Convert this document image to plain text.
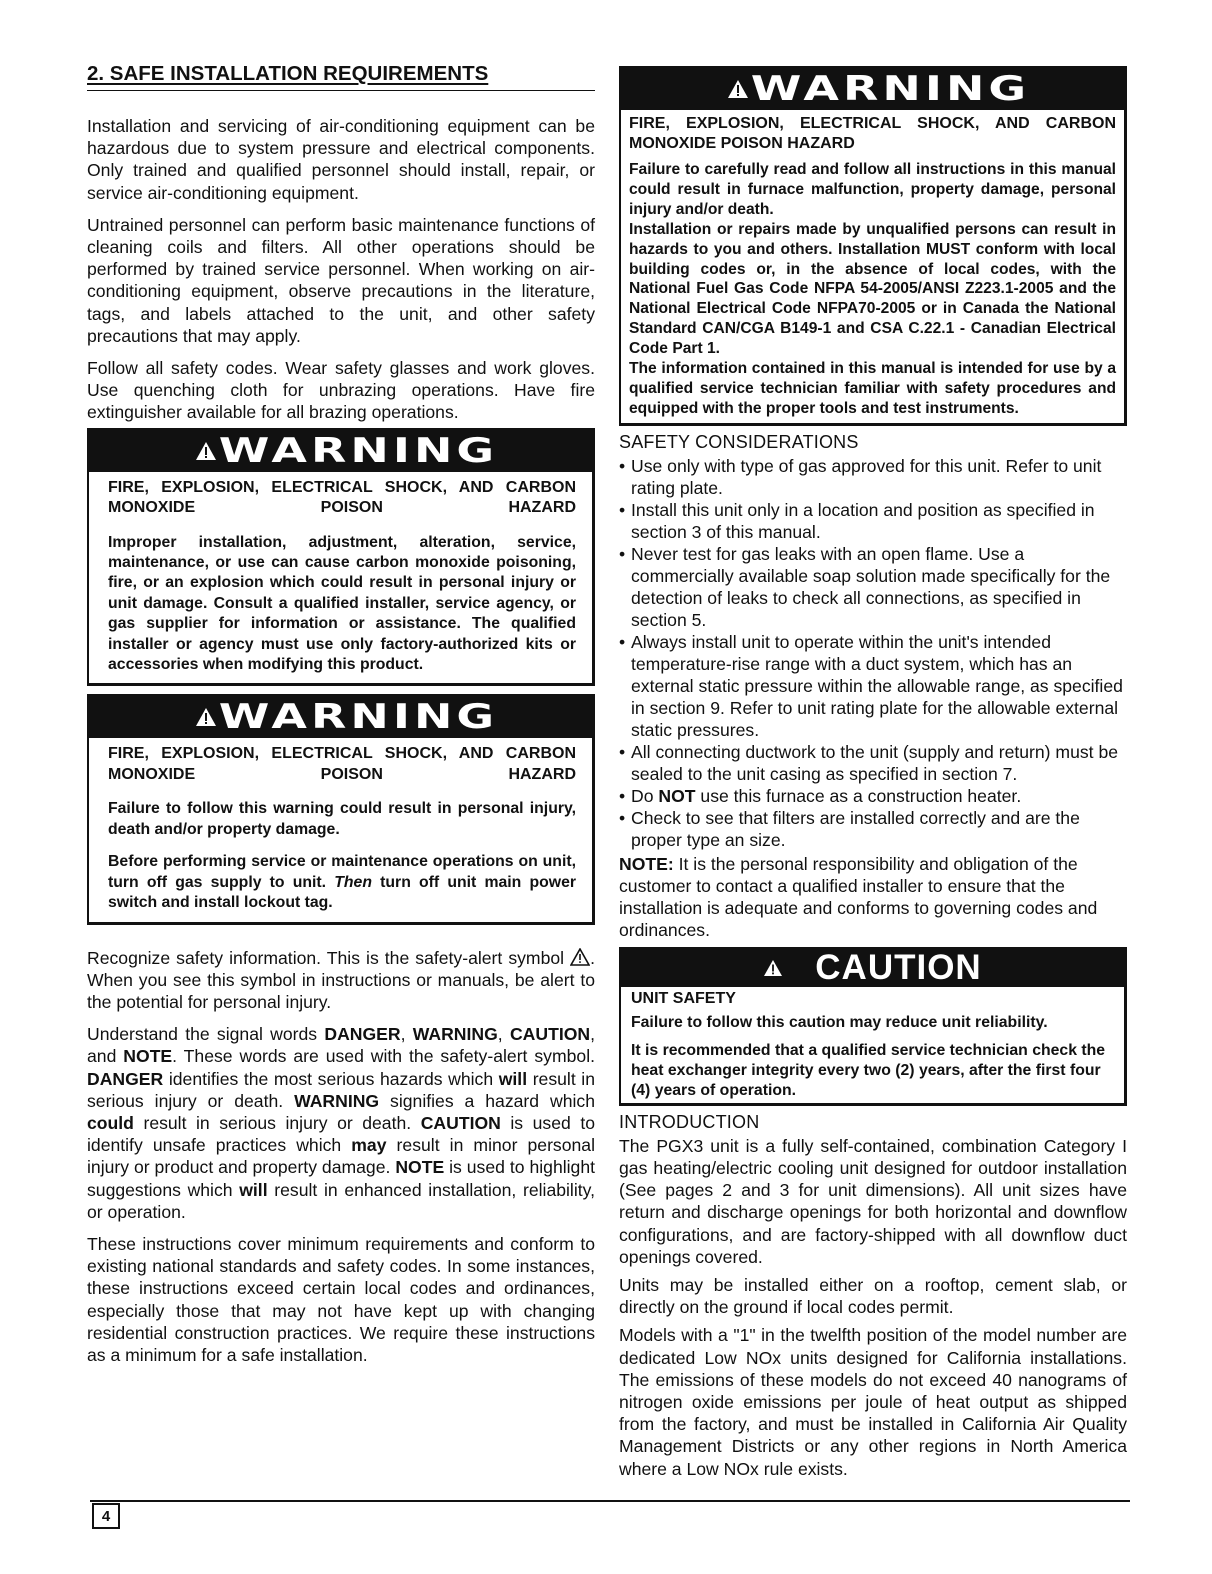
2. SAFE INSTALLATION REQUIREMENTS

Installation and servicing of air-conditioning equipment can be hazardous due to system pressure and electrical components. Only trained and qualified personnel should install, repair, or service air-conditioning equipment.

Untrained personnel can perform basic maintenance functions of cleaning coils and filters. All other operations should be performed by trained service personnel. When working on air-conditioning equipment, observe precautions in the literature, tags, and labels attached to the unit, and other safety precautions that may apply.

Follow all safety codes. Wear safety glasses and work gloves. Use quenching cloth for unbrazing operations. Have fire extinguisher available for all brazing operations.

WARNING

FIRE, EXPLOSION, ELECTRICAL SHOCK, AND CARBON MONOXIDE POISON HAZARD

Improper installation, adjustment, alteration, service, maintenance, or use can cause carbon monoxide poisoning, fire, or an explosion which could result in personal injury or unit damage. Consult a qualified installer, service agency, or gas supplier for information or assistance. The qualified installer or agency must use only factory-authorized kits or accessories when modifying this product.

WARNING

FIRE, EXPLOSION, ELECTRICAL SHOCK, AND CARBON MONOXIDE POISON HAZARD

Failure to follow this warning could result in personal injury, death and/or property damage.

Before performing service or maintenance operations on unit, turn off gas supply to unit. Then turn off unit main power switch and install lockout tag.

Recognize safety information. This is the safety-alert symbol . When you see this symbol in instructions or manuals, be alert to the potential for personal injury.

Understand the signal words DANGER, WARNING, CAUTION, and NOTE. These words are used with the safety-alert symbol. DANGER identifies the most serious hazards which will result in serious injury or death. WARNING signifies a hazard which could result in serious injury or death. CAUTION is used to identify unsafe practices which may result in minor personal injury or product and property damage. NOTE is used to highlight suggestions which will result in enhanced installation, reliability, or operation.

These instructions cover minimum requirements and conform to existing national standards and safety codes. In some instances, these instructions exceed certain local codes and ordinances, especially those that may not have kept up with changing residential construction practices. We require these instructions as a minimum for a safe installation.

WARNING

FIRE, EXPLOSION, ELECTRICAL SHOCK, AND CARBON MONOXIDE POISON HAZARD

Failure to carefully read and follow all instructions in this manual could result in furnace malfunction, property damage, personal injury and/or death.

Installation or repairs made by unqualified persons can result in hazards to you and others. Installation MUST conform with local building codes or, in the absence of local codes, with the National Fuel Gas Code NFPA 54-2005/ANSI Z223.1-2005 and the National Electrical Code NFPA70-2005 or in Canada the National Standard CAN/CGA B149-1 and CSA C.22.1 - Canadian Electrical Code Part 1.

The information contained in this manual is intended for use by a qualified service technician familiar with safety procedures and equipped with the proper tools and test instruments.

SAFETY CONSIDERATIONS
• Use only with type of gas approved for this unit. Refer to unit rating plate.
• Install this unit only in a location and position as specified in section 3 of this manual.
• Never test for gas leaks with an open flame. Use a commercially available soap solution made specifically for the detection of leaks to check all connections, as specified in section 5.
• Always install unit to operate within the unit's intended temperature-rise range with a duct system, which has an external static pressure within the allowable range, as specified in section 9. Refer to unit rating plate for the allowable external static pressures.
• All connecting ductwork to the unit (supply and return) must be sealed to the unit casing as specified in section 7.
• Do NOT use this furnace as a construction heater.
• Check to see that filters are installed correctly and are the proper type an size.

NOTE: It is the personal responsibility and obligation of the customer to contact a qualified installer to ensure that the installation is adequate and conforms to governing codes and ordinances.

CAUTION

UNIT SAFETY

Failure to follow this caution may reduce unit reliability.

It is recommended that a qualified service technician check the heat exchanger integrity every two (2) years, after the first four (4) years of operation.

INTRODUCTION

The PGX3 unit is a fully self-contained, combination Category I gas heating/electric cooling unit designed for outdoor installation (See pages 2 and 3 for unit dimensions). All unit sizes have return and discharge openings for both horizontal and downflow configurations, and are factory-shipped with all downflow duct openings covered.

Units may be installed either on a rooftop, cement slab, or directly on the ground if local codes permit.

Models with a "1" in the twelfth position of the model number are dedicated Low NOx units designed for California installations. The emissions of these models do not exceed 40 nanograms of nitrogen oxide emissions per joule of heat output as shipped from the factory, and must be installed in California Air Quality Management Districts or any other regions in North America where a Low NOx rule exists.

4
